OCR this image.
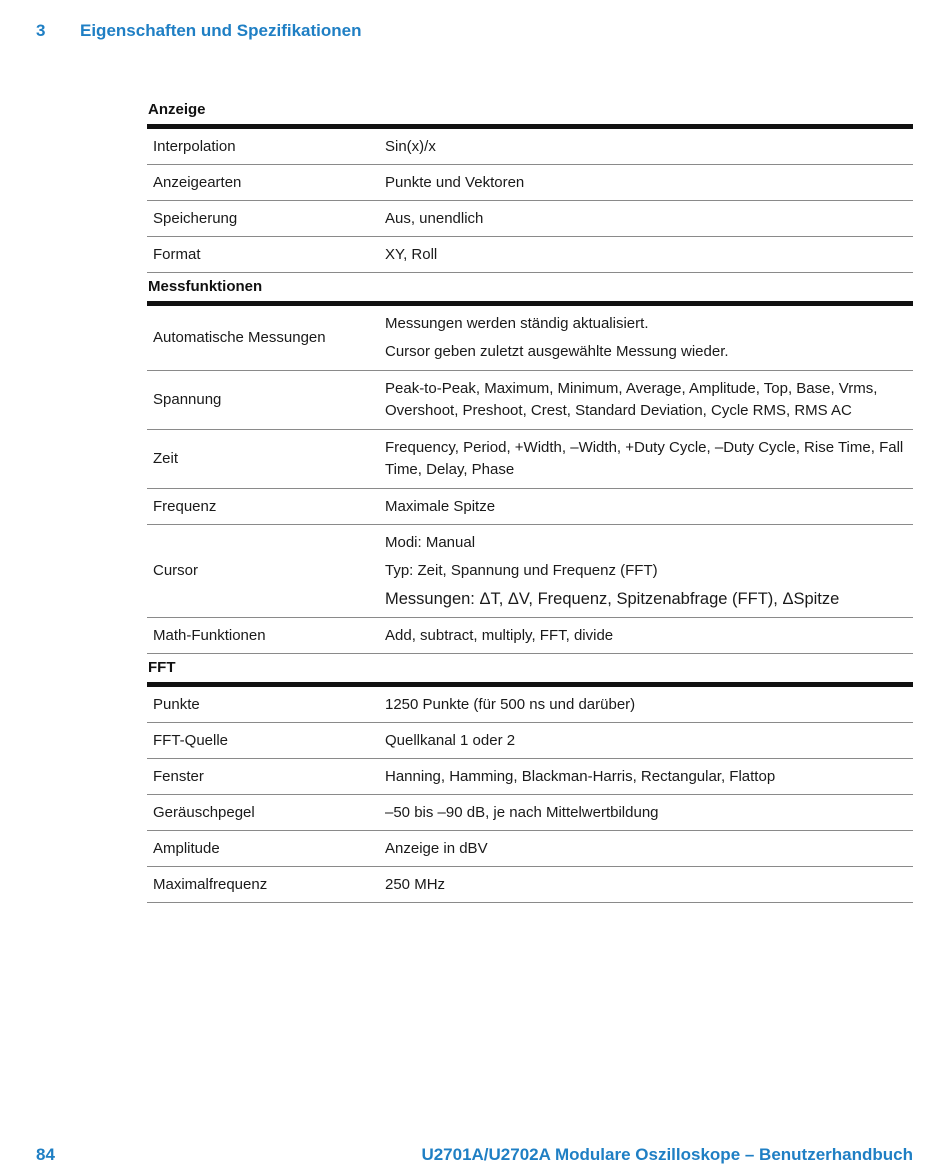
3 Eigenschaften und Spezifikationen
Anzeige
Interpolation	Sin(x)/x

Anzeigearten	Punkte und Vektoren

Speicherung	Aus, unendlich

Format	XY, Roll
Messfunktionen
Automatische Messungen	Messungen werden ständig aktualisiert.
Cursor geben zuletzt ausgewählte Messung wieder.

Spannung	Peak-to-Peak, Maximum, Minimum, Average, Amplitude, Top, Base, Vrms, Overshoot, Preshoot, Crest, Standard Deviation, Cycle RMS, RMS AC

Zeit	Frequency, Period, +Width, –Width, +Duty Cycle, –Duty Cycle, Rise Time, Fall Time, Delay, Phase

Frequenz	Maximale Spitze

Cursor	Modi: Manual
Typ: Zeit, Spannung und Frequenz (FFT)
Messungen: ΔT, ΔV, Frequenz, Spitzenabfrage (FFT), ΔSpitze

Math-Funktionen	Add, subtract, multiply, FFT, divide
FFT
Punkte	1250 Punkte (für 500 ns und darüber)

FFT-Quelle	Quellkanal 1 oder 2

Fenster	Hanning, Hamming, Blackman-Harris, Rectangular, Flattop

Geräuschpegel	–50 bis –90 dB, je nach Mittelwertbildung

Amplitude	Anzeige in dBV

Maximalfrequenz	250 MHz
84	U2701A/U2702A Modulare Oszilloskope – Benutzerhandbuch
